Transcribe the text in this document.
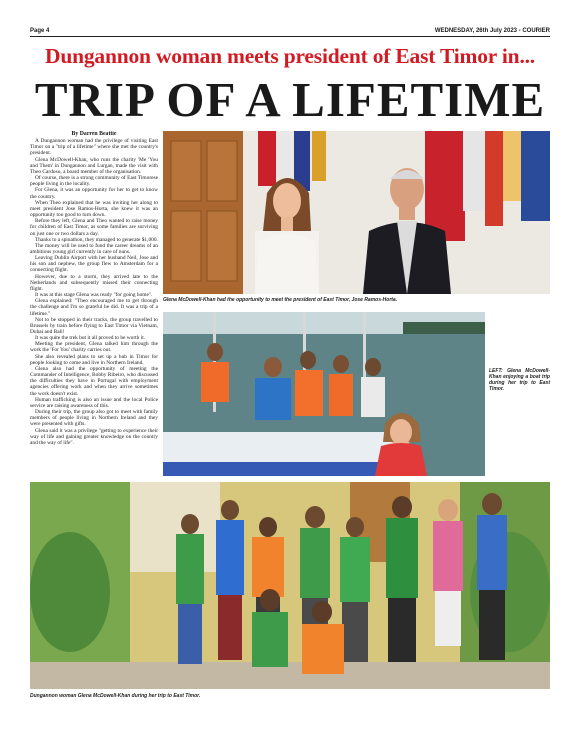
Page 4	WEDNESDAY, 26th July 2023 - COURIER
Dungannon woman meets president of East Timor in...
TRIP OF A LIFETIME
By Darren Beattie

A Dungannon woman had the privilege of visiting East Timor on a "trip of a lifetime" where she met the country's president.

Glena McDowell-Khan, who runs the charity 'Me 'You and Them' in Dungannon and Lurgan, made the visit with Theo Cardoso, a board member of the organisation.

Of course, there is a strong community of East Timorese people living in the locality.

For Glena, it was an opportunity for her to get to know the country.

When Theo explained that he was inviting her along to meet president Jose Ramos-Horta, she knew it was an opportunity too good to turn down.

Before they left, Glena and Theo wanted to raise money for children of East Timor, as some families are surviving on just one or two dollars a day.

Thanks to a spinathon, they managed to generate $1,000.

The money will be used to fund the career dreams of an ambitious young girl currently in care of nuns.

Leaving Dublin Airport with her husband Neil, Jose and his son and nephew, the group flew to Amsterdam for a connecting flight.

However, due to a storm, they arrived late to the Netherlands and subsequently missed their connecting flight.

It was at this stage Glena was ready "for going home".

Glena explained: "Theo encouraged me to get through the challenge and I'm so grateful he did. It was a trip of a lifetime."

Not to be stopped in their tracks, the group travelled to Brussels by train before flying to East Timor via Vietnam, Dubai and Bali!

It was quite the trek but it all proved to be worth it.

Meeting the president, Glena talked him through the work the 'For You' charity carries out.

She also revealed plans to set up a hub in Timor for people looking to come and live in Northern Ireland.

Glena also had the opportunity of meeting the Commander of Intelligence, Bobby Ribeiro, who discussed the difficulties they have in Portugal with employment agencies offering work and when they arrive sometimes the work doesn't exist.

Human trafficking is also an issue and the local Police service are raising awareness of this.

During their trip, the group also got to meet with family members of people living in Northern Ireland and they were presented with gifts.

Glena said it was a privilege "getting to experience their way of life and gaining greater knowledge on the country and the way of life".

Glena McDowell-Khan had the opportunity to meet the president of East Timor, Jose Ramos-Horta.
LEFT: Glena McDowell-Khan enjoying a boat trip during her trip to East Timor.
Dungannon woman Glena McDowell-Khan during her trip to East Timor.
